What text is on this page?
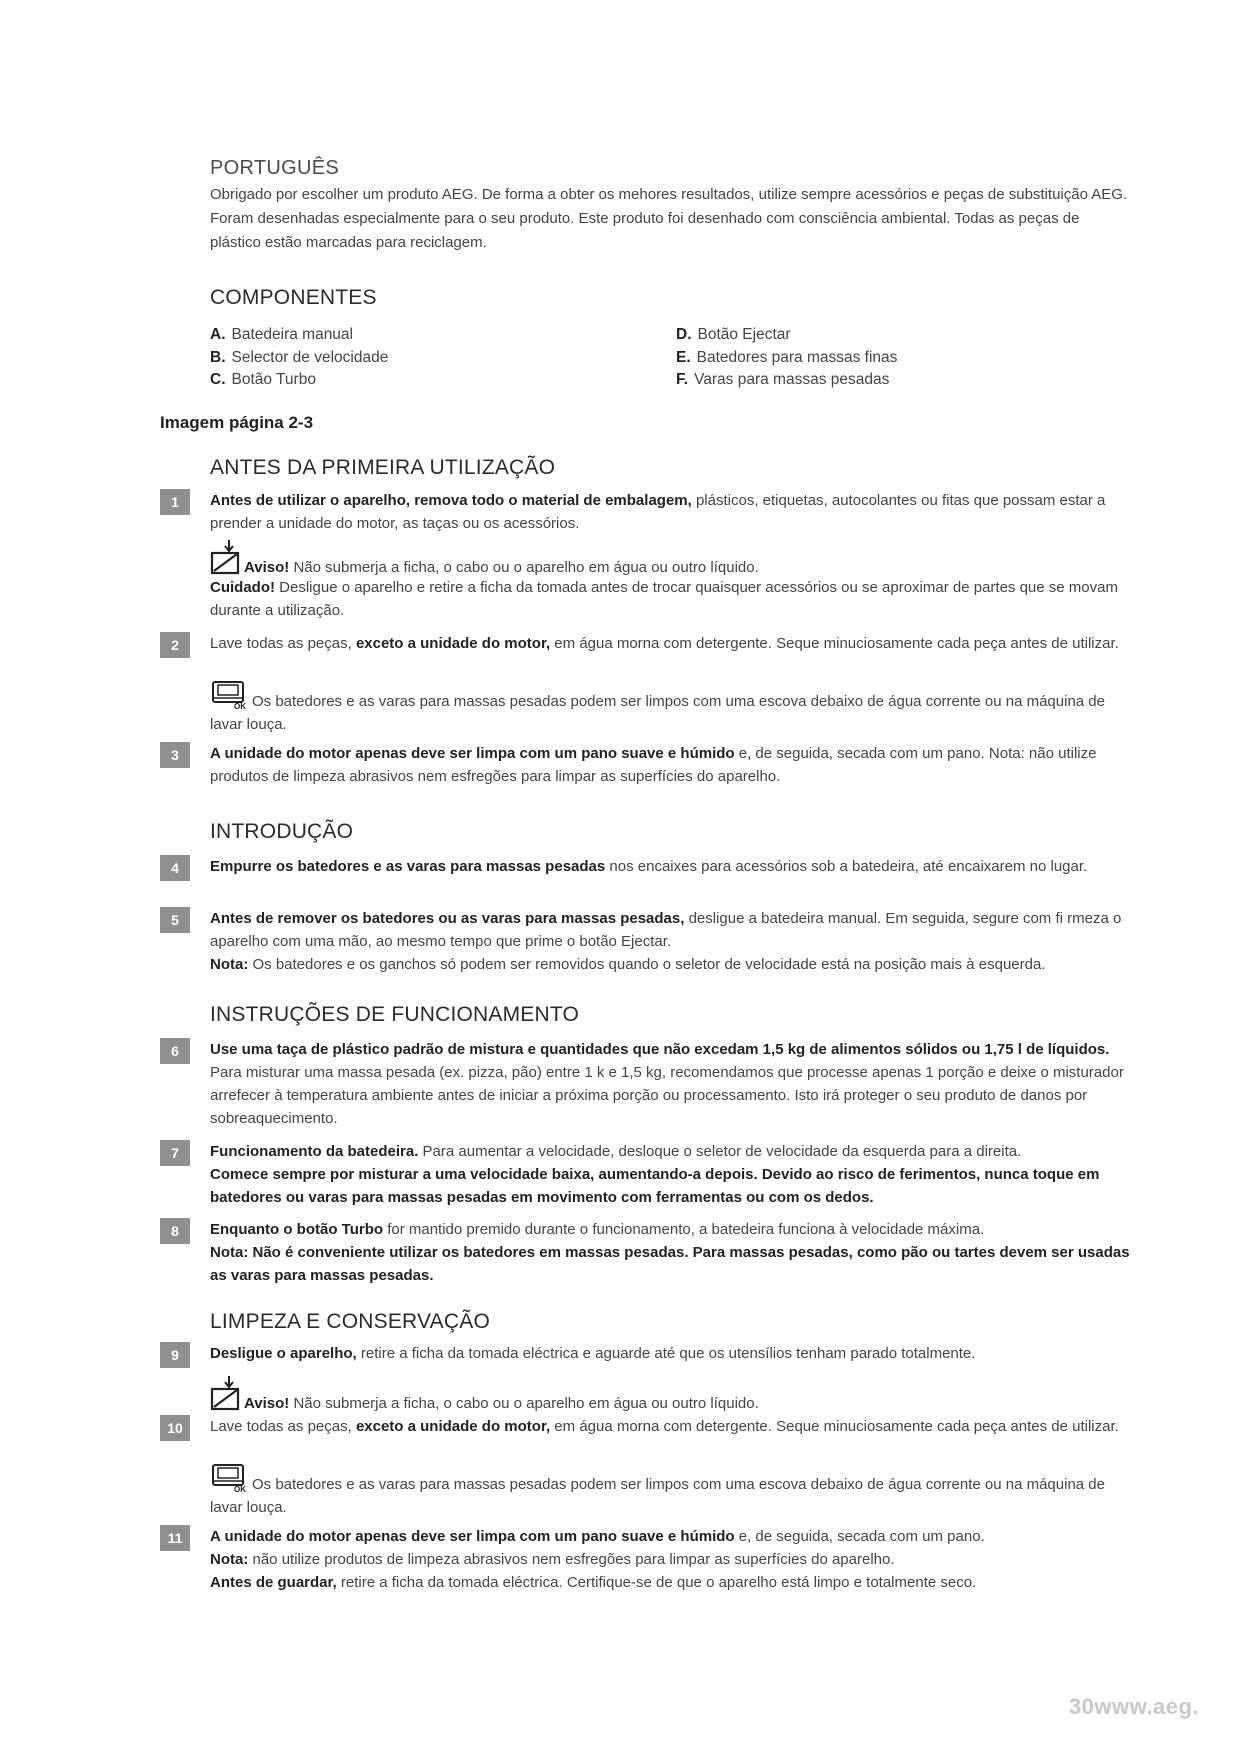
PORTUGUÊS
Obrigado por escolher um produto AEG. De forma a obter os mehores resultados, utilize sempre acessórios e peças de substituição AEG. Foram desenhadas especialmente para o seu produto. Este produto foi desenhado com consciência ambiental. Todas as peças de plástico estão marcadas para reciclagem.
COMPONENTES
A. Batedeira manual
B. Selector de velocidade
C. Botão Turbo
D. Botão Ejectar
E. Batedores para massas finas
F. Varas para massas pesadas
Imagem página 2-3
ANTES DA PRIMEIRA UTILIZAÇÃO
1	Antes de utilizar o aparelho, remova todo o material de embalagem, plásticos, etiquetas, autocolantes ou fitas que possam estar a prender a unidade do motor, as taças ou os acessórios.
Aviso! Não submerja a ficha, o cabo ou o aparelho em água ou outro líquido.
Cuidado! Desligue o aparelho e retire a ficha da tomada antes de trocar quaisquer acessórios ou se aproximar de partes que se movam durante a utilização.
2	Lave todas as peças, exceto a unidade do motor, em água morna com detergente. Seque minuciosamente cada peça antes de utilizar.
OK Os batedores e as varas para massas pesadas podem ser limpos com uma escova debaixo de água corrente ou na máquina de lavar louça.
3	A unidade do motor apenas deve ser limpa com um pano suave e húmido e, de seguida, secada com um pano. Nota: não utilize produtos de limpeza abrasivos nem esfregões para limpar as superfícies do aparelho.
INTRODUÇÃO
4	Empurre os batedores e as varas para massas pesadas nos encaixes para acessórios sob a batedeira, até encaixarem no lugar.
5	Antes de remover os batedores ou as varas para massas pesadas, desligue a batedeira manual. Em seguida, segure com fi rmeza o aparelho com uma mão, ao mesmo tempo que prime o botão Ejectar.
Nota: Os batedores e os ganchos só podem ser removidos quando o seletor de velocidade está na posição mais à esquerda.
INSTRUÇÕES DE FUNCIONAMENTO
6	Use uma taça de plástico padrão de mistura e quantidades que não excedam 1,5 kg de alimentos sólidos ou 1,75 l de líquidos. Para misturar uma massa pesada (ex. pizza, pão) entre 1 k e 1,5 kg, recomendamos que processe apenas 1 porção e deixe o misturador arrefecer à temperatura ambiente antes de iniciar a próxima porção ou processamento. Isto irá proteger o seu produto de danos por sobreaquecimento.
7	Funcionamento da batedeira. Para aumentar a velocidade, desloque o seletor de velocidade da esquerda para a direita.
Comece sempre por misturar a uma velocidade baixa, aumentando-a depois. Devido ao risco de ferimentos, nunca toque em batedores ou varas para massas pesadas em movimento com ferramentas ou com os dedos.
8	Enquanto o botão Turbo for mantido premido durante o funcionamento, a batedeira funciona à velocidade máxima.
Nota: Não é conveniente utilizar os batedores em massas pesadas. Para massas pesadas, como pão ou tartes devem ser usadas as varas para massas pesadas.
LIMPEZA E CONSERVAÇÃO
9	Desligue o aparelho, retire a ficha da tomada eléctrica e aguarde até que os utensílios tenham parado totalmente.
Aviso! Não submerja a ficha, o cabo ou o aparelho em água ou outro líquido.
10	Lave todas as peças, exceto a unidade do motor, em água morna com detergente. Seque minuciosamente cada peça antes de utilizar.
OK Os batedores e as varas para massas pesadas podem ser limpos com uma escova debaixo de água corrente ou na máquina de lavar louça.
11	A unidade do motor apenas deve ser limpa com um pano suave e húmido e, de seguida, secada com um pano.
Nota: não utilize produtos de limpeza abrasivos nem esfregões para limpar as superfícies do aparelho.
Antes de guardar, retire a ficha da tomada eléctrica. Certifique-se de que o aparelho está limpo e totalmente seco.
30www.aeg.
